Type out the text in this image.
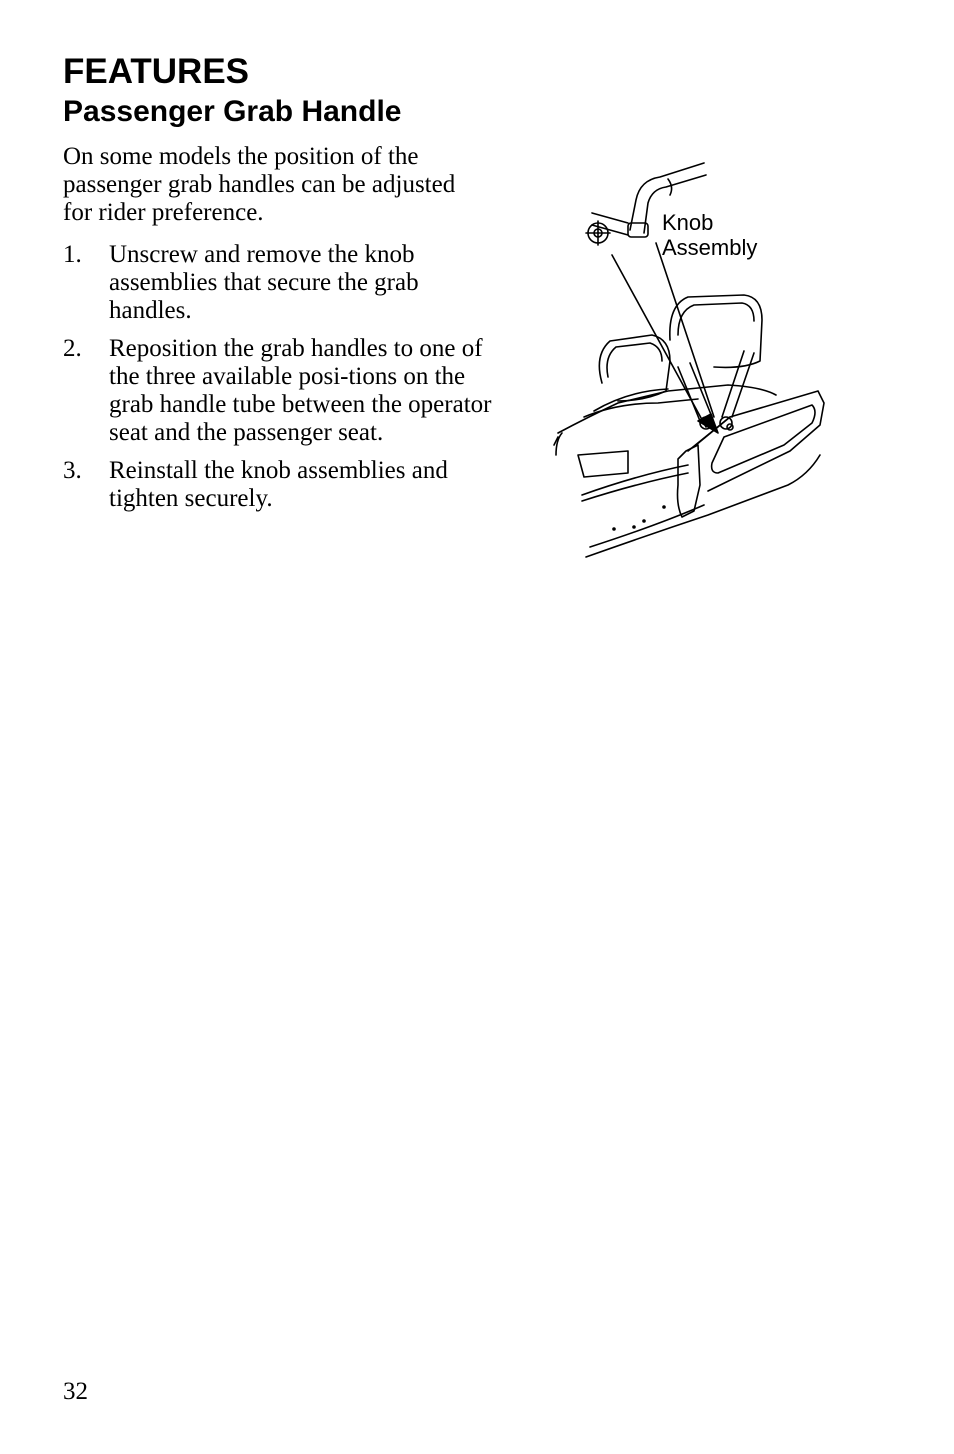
FEATURES
Passenger Grab Handle

On some models the position of the passenger grab handles can be adjusted for rider preference.

1.	Unscrew and remove the knob assemblies that secure the grab handles.
2.	Reposition the grab handles to one of the three available posi-tions on the grab handle tube between the operator seat and the passenger seat.
3.	Reinstall the knob assemblies and tighten securely.
Knob
Assembly
32
